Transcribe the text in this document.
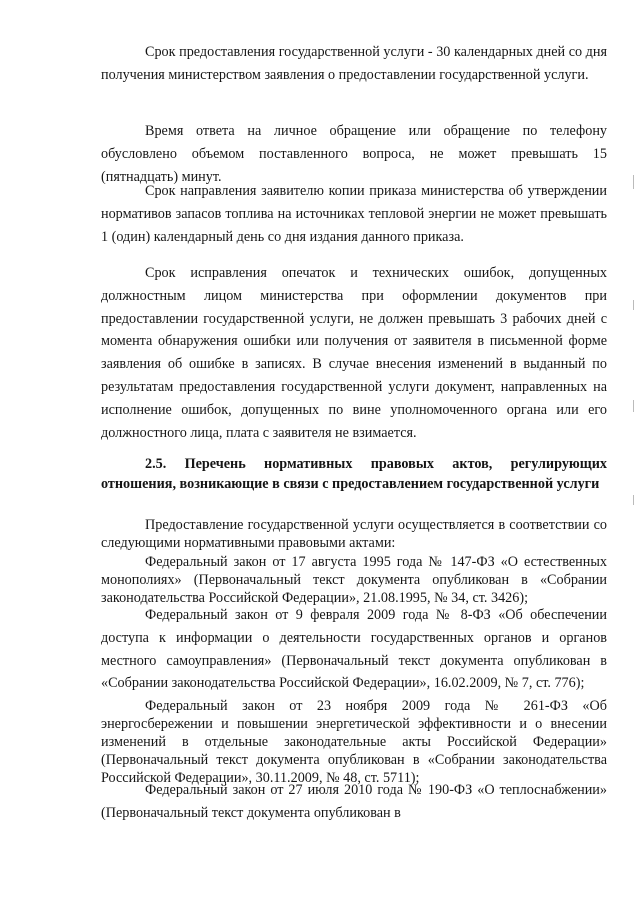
Срок предоставления государственной услуги - 30 календарных дней со дня получения министерством заявления о предоставлении государственной услуги.

Время ответа на личное обращение или обращение по телефону обусловлено объемом поставленного вопроса, не может превышать 15 (пятнадцать) минут.

Срок направления заявителю копии приказа министерства об утверждении нормативов запасов топлива на источниках тепловой энергии не может превышать 1 (один) календарный день со дня издания данного приказа.

Срок исправления опечаток и технических ошибок, допущенных должностным лицом министерства при оформлении документов при предоставлении государственной услуги, не должен превышать 3 рабочих дней с момента обнаружения ошибки или получения от заявителя в письменной форме заявления об ошибке в записях. В случае внесения изменений в выданный по результатам предоставления государственной услуги документ, направленных на исполнение ошибок, допущенных по вине уполномоченного органа или его должностного лица, плата с заявителя не взимается.

2.5. Перечень нормативных правовых актов, регулирующих отношения, возникающие в связи с предоставлением государственной услуги

Предоставление государственной услуги осуществляется в соответствии со следующими нормативными правовыми актами:

Федеральный закон от 17 августа 1995 года № 147-ФЗ «О естественных монополиях» (Первоначальный текст документа опубликован в «Собрании законодательства Российской Федерации», 21.08.1995, № 34, ст. 3426);

Федеральный закон от 9 февраля 2009 года № 8-ФЗ «Об обеспечении доступа к информации о деятельности государственных органов и органов местного самоуправления» (Первоначальный текст документа опубликован в «Собрании законодательства Российской Федерации», 16.02.2009, № 7, ст. 776);

Федеральный закон от 23 ноября 2009 года № 261-ФЗ «Об энергосбережении и повышении энергетической эффективности и о внесении изменений в отдельные законодательные акты Российской Федерации» (Первоначальный текст документа опубликован в «Собрании законодательства Российской Федерации», 30.11.2009, № 48, ст. 5711);

Федеральный закон от 27 июля 2010 года № 190-ФЗ «О теплоснабжении» (Первоначальный текст документа опубликован в
